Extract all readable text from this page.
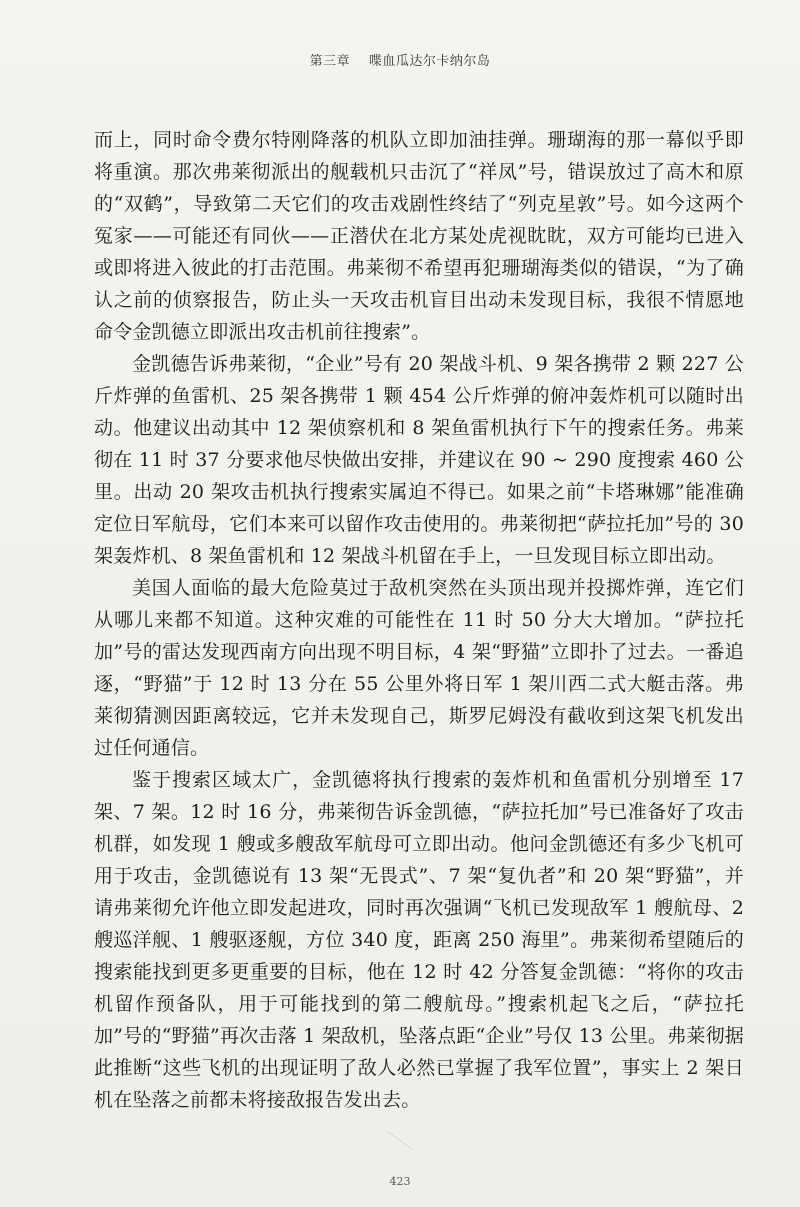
第三章 喋血瓜达尔卡纳尔岛

而上，同时命令费尔特刚降落的机队立即加油挂弹。珊瑚海的那一幕似乎即将重演。那次弗莱彻派出的舰载机只击沉了“祥凤”号，错误放过了高木和原的“双鹤”，导致第二天它们的攻击戏剧性终结了“列克星敦”号。如今这两个冤家——可能还有同伙——正潜伏在北方某处虎视眈眈，双方可能均已进入或即将进入彼此的打击范围。弗莱彻不希望再犯珊瑚海类似的错误，“为了确认之前的侦察报告，防止头一天攻击机盲目出动未发现目标，我很不情愿地命令金凯德立即派出攻击机前往搜索”。

金凯德告诉弗莱彻，“企业”号有 20 架战斗机、9 架各携带 2 颗 227 公斤炸弹的鱼雷机、25 架各携带 1 颗 454 公斤炸弹的俯冲轰炸机可以随时出动。他建议出动其中 12 架侦察机和 8 架鱼雷机执行下午的搜索任务。弗莱彻在 11 时 37 分要求他尽快做出安排，并建议在 90 ~ 290 度搜索 460 公里。出动 20 架攻击机执行搜索实属迫不得已。如果之前“卡塔琳娜”能准确定位日军航母，它们本来可以留作攻击使用的。弗莱彻把“萨拉托加”号的 30 架轰炸机、8 架鱼雷机和 12 架战斗机留在手上，一旦发现目标立即出动。

美国人面临的最大危险莫过于敌机突然在头顶出现并投掷炸弹，连它们从哪儿来都不知道。这种灾难的可能性在 11 时 50 分大大增加。“萨拉托加”号的雷达发现西南方向出现不明目标，4 架“野猫”立即扑了过去。一番追逐，“野猫”于 12 时 13 分在 55 公里外将日军 1 架川西二式大艇击落。弗莱彻猜测因距离较远，它并未发现自己，斯罗尼姆没有截收到这架飞机发出过任何通信。

鉴于搜索区域太广，金凯德将执行搜索的轰炸机和鱼雷机分别增至 17 架、7 架。12 时 16 分，弗莱彻告诉金凯德，“萨拉托加”号已准备好了攻击机群，如发现 1 艘或多艘敌军航母可立即出动。他问金凯德还有多少飞机可用于攻击，金凯德说有 13 架“无畏式”、7 架“复仇者”和 20 架“野猫”，并请弗莱彻允许他立即发起进攻，同时再次强调“飞机已发现敌军 1 艘航母、2 艘巡洋舰、1 艘驱逐舰，方位 340 度，距离 250 海里”。弗莱彻希望随后的搜索能找到更多更重要的目标，他在 12 时 42 分答复金凯德：“将你的攻击机留作预备队，用于可能找到的第二艘航母。”搜索机起飞之后，“萨拉托加”号的“野猫”再次击落 1 架敌机，坠落点距“企业”号仅 13 公里。弗莱彻据此推断“这些飞机的出现证明了敌人必然已掌握了我军位置”，事实上 2 架日机在坠落之前都未将接敌报告发出去。

423
